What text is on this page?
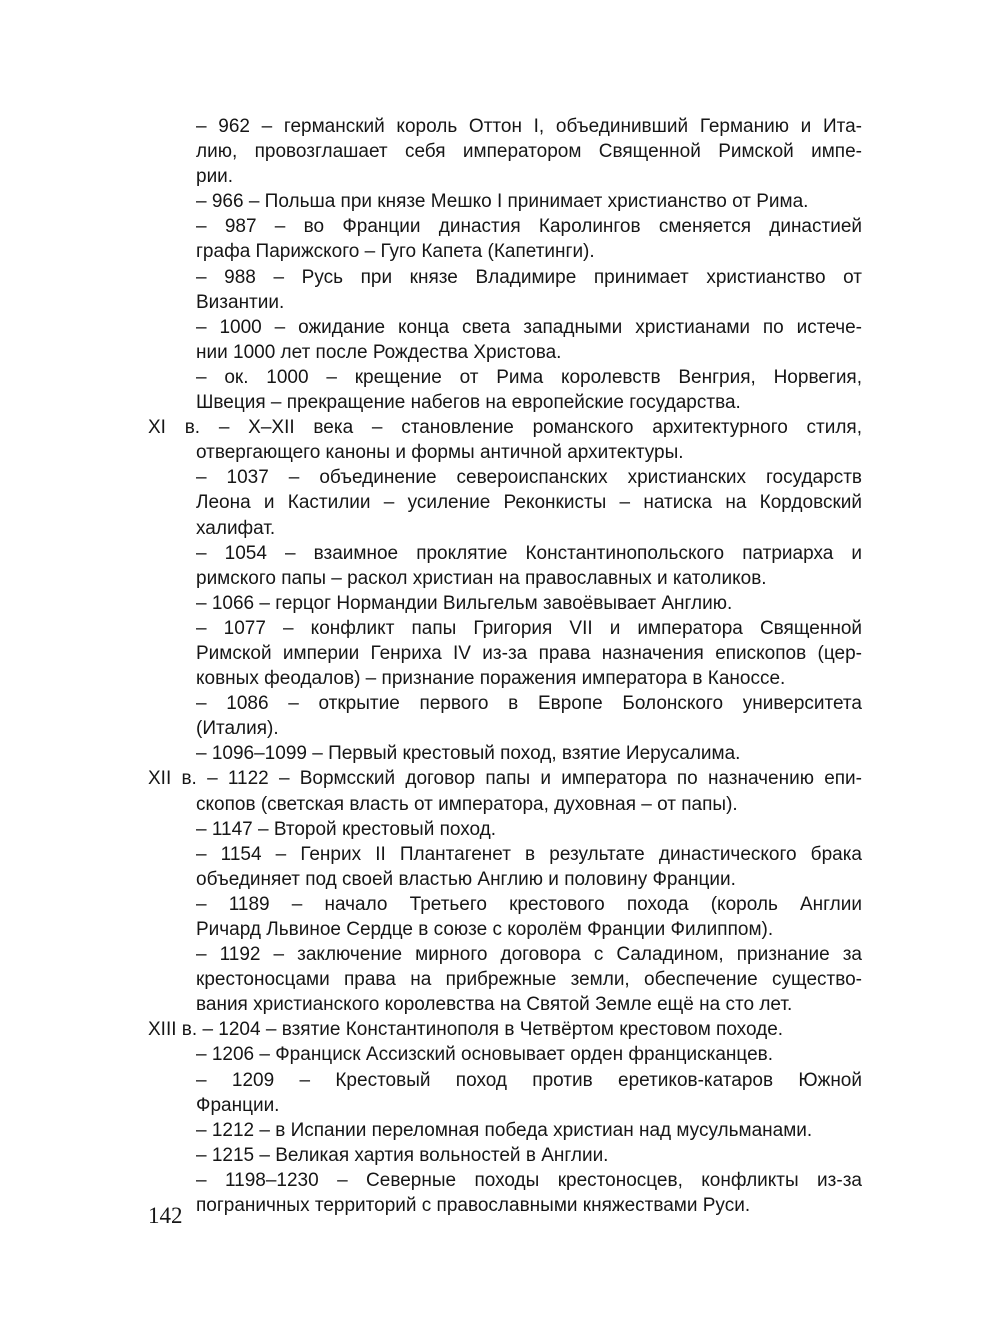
– 962 – германский король Оттон I, объединивший Германию и Ита-
лию, провозглашает себя императором Священной Римской импе-
рии.
– 966 – Польша при князе Мешко I принимает христианство от Рима.
– 987 – во Франции династия Каролингов сменяется династией
графа Парижского – Гуго Капета (Капетинги).
– 988 – Русь при князе Владимире принимает христианство от
Византии.
– 1000 – ожидание конца света западными христианами по истече-
нии 1000 лет после Рождества Христова.
– ок. 1000 – крещение от Рима королевств Венгрия, Норвегия,
Швеция – прекращение набегов на европейские государства.
XI в. – X–XII века – становление романского архитектурного стиля,
отвергающего каноны и формы античной архитектуры.
– 1037 – объединение североиспанских христианских государств
Леона и Кастилии – усиление Реконкисты – натиска на Кордовский
халифат.
– 1054 – взаимное проклятие Константинопольского патриарха и
римского папы – раскол христиан на православных и католиков.
– 1066 – герцог Нормандии Вильгельм завоёвывает Англию.
– 1077 – конфликт папы Григория VII и императора Священной
Римской империи Генриха IV из-за права назначения епископов (цер-
ковных феодалов) – признание поражения императора в Каноссе.
– 1086 – открытие первого в Европе Болонского университета
(Италия).
– 1096–1099 – Первый крестовый поход, взятие Иерусалима.
XII в. – 1122 – Вормсский договор папы и императора по назначению епи-
скопов (светская власть от императора, духовная – от папы).
– 1147 – Второй крестовый поход.
– 1154 – Генрих II Плантагенет в результате династического брака
объединяет под своей властью Англию и половину Франции.
– 1189 – начало Третьего крестового похода (король Англии
Ричард Львиное Сердце в союзе с королём Франции Филиппом).
– 1192 – заключение мирного договора с Саладином, признание за
крестоносцами права на прибрежные земли, обеспечение существо-
вания христианского королевства на Святой Земле ещё на сто лет.
XIII в. – 1204 – взятие Константинополя в Четвёртом крестовом походе.
– 1206 – Франциск Ассизский основывает орден францисканцев.
– 1209 – Крестовый поход против еретиков-катаров Южной
Франции.
– 1212 – в Испании переломная победа христиан над мусульманами.
– 1215 – Великая хартия вольностей в Англии.
– 1198–1230 – Северные походы крестоносцев, конфликты из-за
пограничных территорий с православными княжествами Руси.
142
